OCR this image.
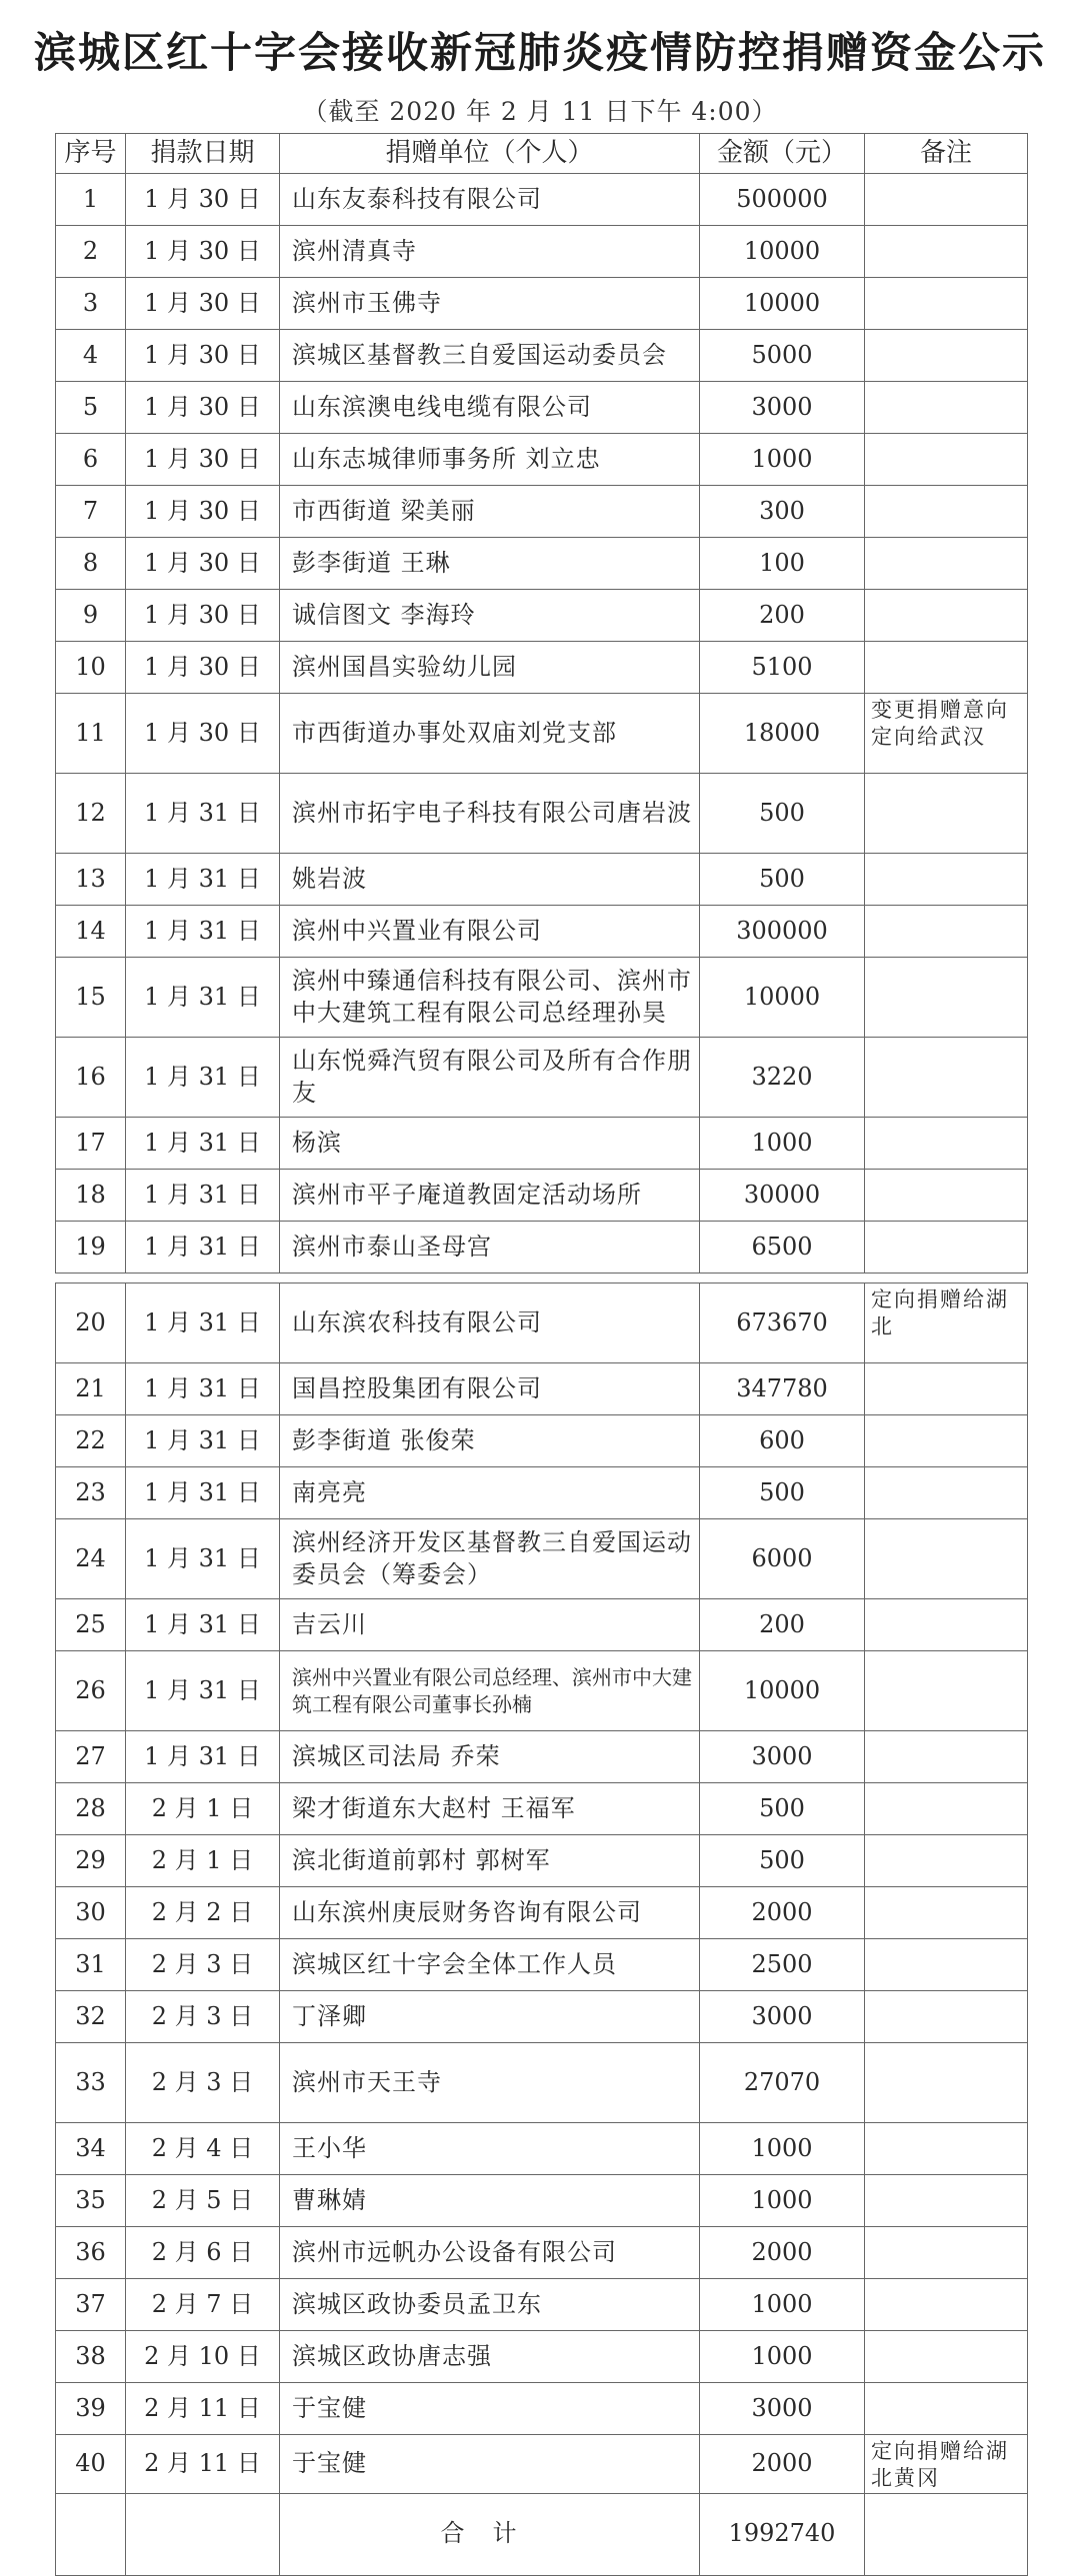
滨城区红十字会接收新冠肺炎疫情防控捐赠资金公示
（截至 2020 年 2 月 11 日下午 4:00）
序号	捐款日期	捐赠单位（个人）	金额（元）	备注
1	1 月 30 日	山东友泰科技有限公司	500000	
2	1 月 30 日	滨州清真寺	10000	
3	1 月 30 日	滨州市玉佛寺	10000	
4	1 月 30 日	滨城区基督教三自爱国运动委员会	5000	
5	1 月 30 日	山东滨澳电线电缆有限公司	3000	
6	1 月 30 日	山东志城律师事务所 刘立忠	1000	
7	1 月 30 日	市西街道 梁美丽	300	
8	1 月 30 日	彭李街道 王琳	100	
9	1 月 30 日	诚信图文 李海玲	200	
10	1 月 30 日	滨州国昌实验幼儿园	5100	
11	1 月 30 日	市西街道办事处双庙刘党支部	18000	变更捐赠意向定向给武汉
12	1 月 31 日	滨州市拓宇电子科技有限公司唐岩波	500	
13	1 月 31 日	姚岩波	500	
14	1 月 31 日	滨州中兴置业有限公司	300000	
15	1 月 31 日	滨州中臻通信科技有限公司、滨州市中大建筑工程有限公司总经理孙昊	10000	
16	1 月 31 日	山东悦舜汽贸有限公司及所有合作朋友	3220	
17	1 月 31 日	杨滨	1000	
18	1 月 31 日	滨州市平子庵道教固定活动场所	30000	
19	1 月 31 日	滨州市泰山圣母宫	6500	
20	1 月 31 日	山东滨农科技有限公司	673670	定向捐赠给湖北
21	1 月 31 日	国昌控股集团有限公司	347780	
22	1 月 31 日	彭李街道 张俊荣	600	
23	1 月 31 日	南亮亮	500	
24	1 月 31 日	滨州经济开发区基督教三自爱国运动委员会（筹委会）	6000	
25	1 月 31 日	吉云川	200	
26	1 月 31 日	滨州中兴置业有限公司总经理、滨州市中大建筑工程有限公司董事长孙楠	10000	
27	1 月 31 日	滨城区司法局 乔荣	3000	
28	2 月 1 日	梁才街道东大赵村 王福军	500	
29	2 月 1 日	滨北街道前郭村 郭树军	500	
30	2 月 2 日	山东滨州庚辰财务咨询有限公司	2000	
31	2 月 3 日	滨城区红十字会全体工作人员	2500	
32	2 月 3 日	丁泽卿	3000	
33	2 月 3 日	滨州市天王寺	27070	
34	2 月 4 日	王小华	1000	
35	2 月 5 日	曹琳婧	1000	
36	2 月 6 日	滨州市远帆办公设备有限公司	2000	
37	2 月 7 日	滨城区政协委员孟卫东	1000	
38	2 月 10 日	滨城区政协唐志强	1000	
39	2 月 11 日	于宝健	3000	
40	2 月 11 日	于宝健	2000	定向捐赠给湖北黄冈
		合计	1992740	
